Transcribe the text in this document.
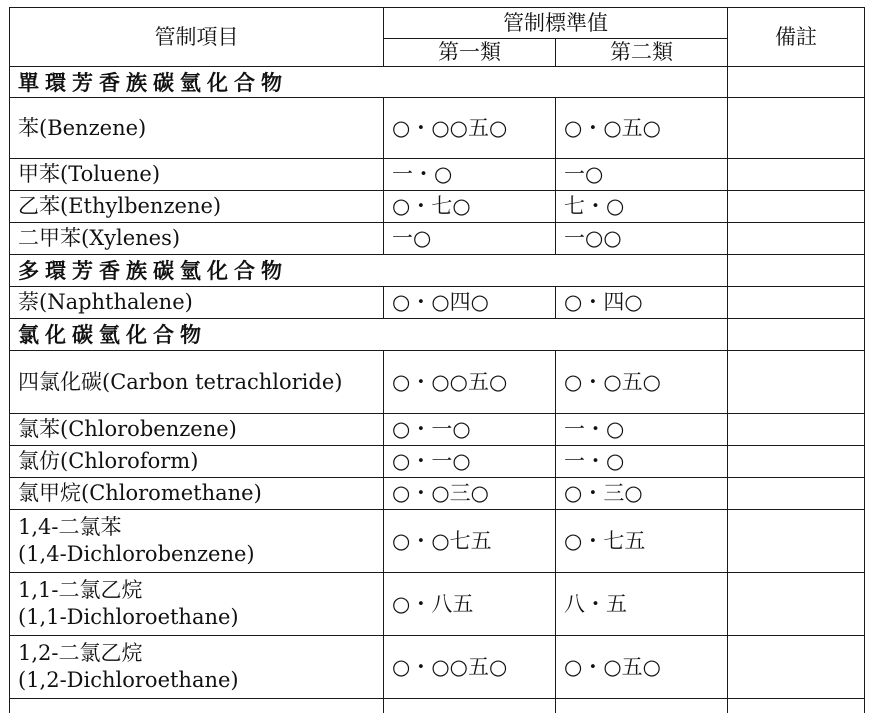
管制項目	管制標準值		備註
	第一類	第二類	
單環芳香族碳氫化合物			
苯(Benzene)	○・○○五○	○・○五○	
甲苯(Toluene)	一・○	一○	
乙苯(Ethylbenzene)	○・七○	七・○	
二甲苯(Xylenes)	一○	一○○	
多環芳香族碳氫化合物			
萘(Naphthalene)	○・○四○	○・四○	
氯化碳氫化合物			
四氯化碳(Carbon tetrachloride)	○・○○五○	○・○五○	
氯苯(Chlorobenzene)	○・一○	一・○	
氯仿(Chloroform)	○・一○	一・○	
氯甲烷(Chloromethane)	○・○三○	○・三○	

1,4-二氯苯
(1,4-Dichlorobenzene)	○・○七五	○・七五	

1,1-二氯乙烷
(1,1-Dichloroethane)	○・八五	八・五	

1,2-二氯乙烷
(1,2-Dichloroethane)	○・○○五○	○・○五○	
